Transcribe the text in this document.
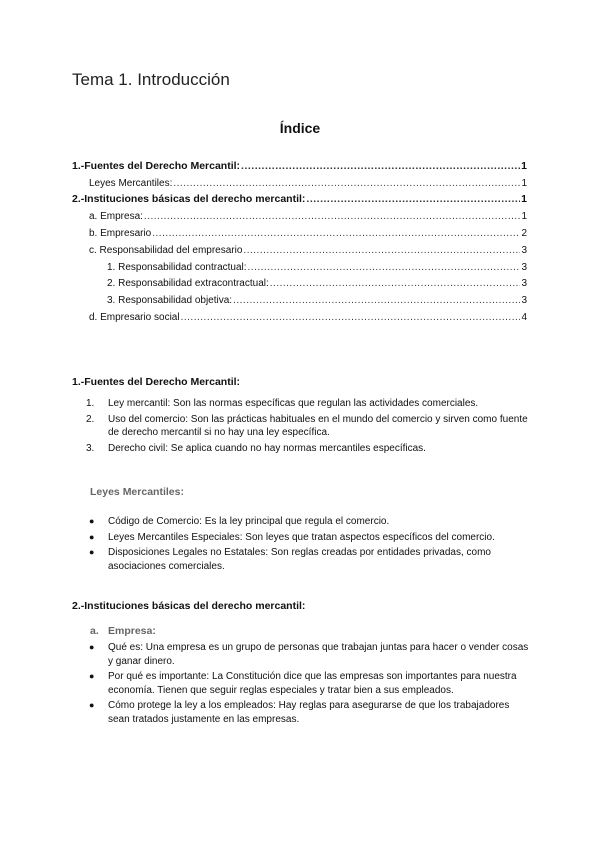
Tema 1. Introducción
Índice
1.-Fuentes del Derecho Mercantil: .....	1
Leyes Mercantiles: .....	1
2.-Instituciones básicas del derecho mercantil: .....	1
a. Empresa: .....	1
b. Empresario .....	2
c. Responsabilidad del empresario .....	3
1. Responsabilidad contractual: .....	3
2. Responsabilidad extracontractual: .....	3
3. Responsabilidad objetiva: .....	3
d. Empresario social .....	4
1.-Fuentes del Derecho Mercantil:
1. Ley mercantil: Son las normas específicas que regulan las actividades comerciales.
2. Uso del comercio: Son las prácticas habituales en el mundo del comercio y sirven como fuente de derecho mercantil si no hay una ley específica.
3. Derecho civil: Se aplica cuando no hay normas mercantiles específicas.
Leyes Mercantiles:
● Código de Comercio: Es la ley principal que regula el comercio.
● Leyes Mercantiles Especiales: Son leyes que tratan aspectos específicos del comercio.
● Disposiciones Legales no Estatales: Son reglas creadas por entidades privadas, como asociaciones comerciales.
2.-Instituciones básicas del derecho mercantil:
a. Empresa:
● Qué es: Una empresa es un grupo de personas que trabajan juntas para hacer o vender cosas y ganar dinero.
● Por qué es importante: La Constitución dice que las empresas son importantes para nuestra economía. Tienen que seguir reglas especiales y tratar bien a sus empleados.
● Cómo protege la ley a los empleados: Hay reglas para asegurarse de que los trabajadores sean tratados justamente en las empresas.
